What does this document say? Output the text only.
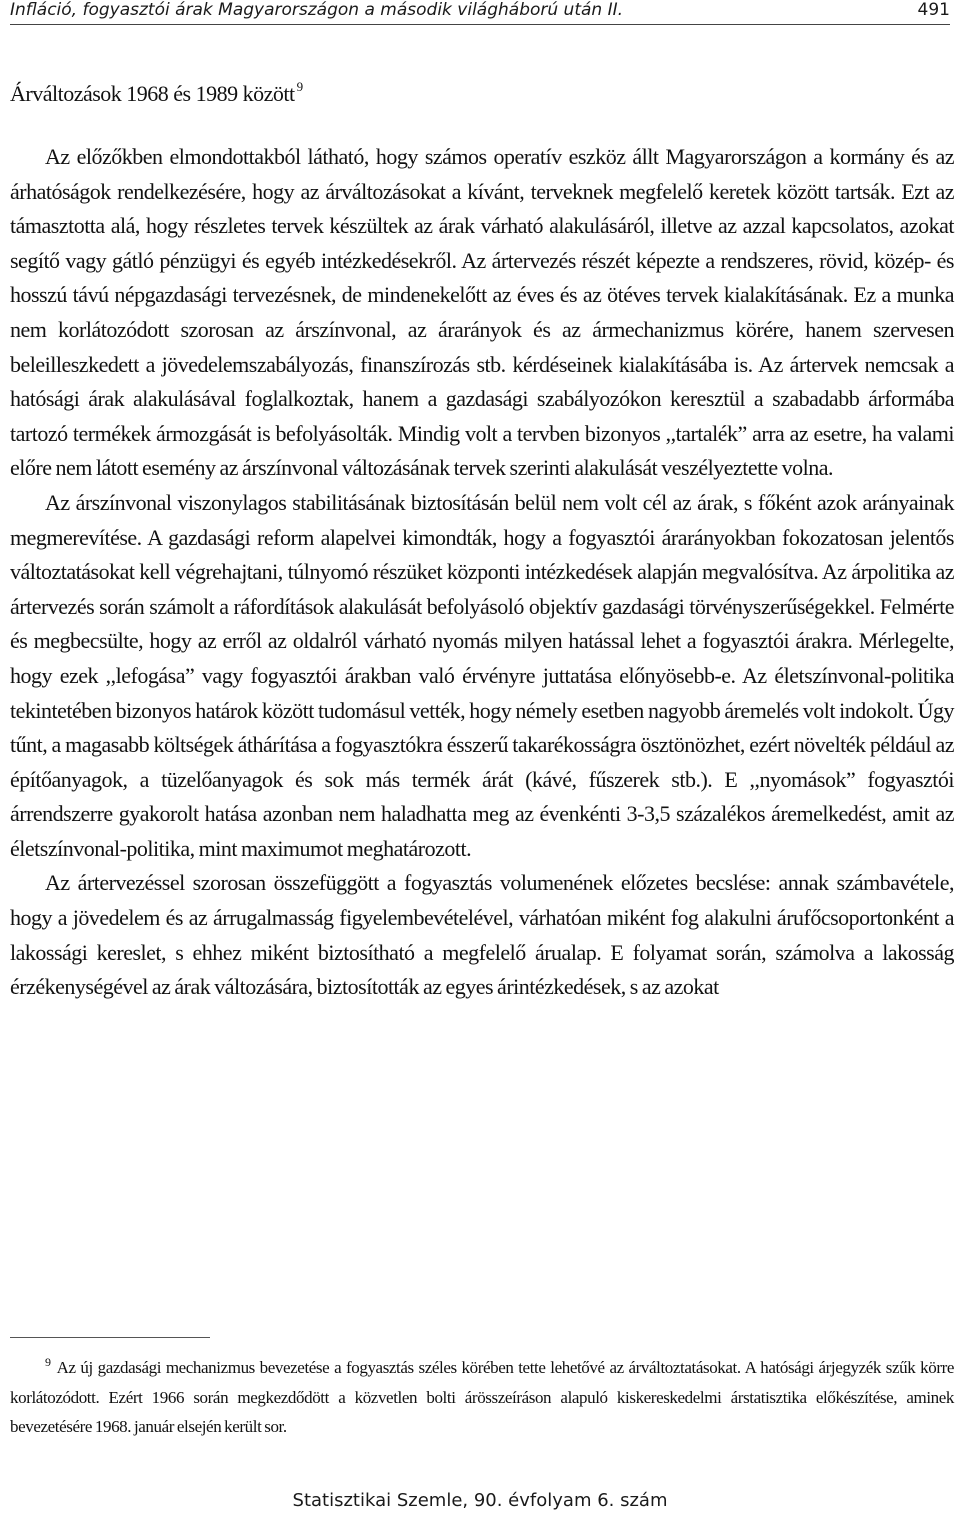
Infláció, fogyasztói árak Magyarországon a második világháború után II.	491
Árváltozások 1968 és 1989 között $^9$

Az előzőkben elmondottakból látható, hogy számos operatív eszköz állt Magyarországon a kormány és az árhatóságok rendelkezésére, hogy az árváltozásokat a kívánt, terveknek megfelelő keretek között tartsák. Ezt az támasztotta alá, hogy részletes tervek készültek az árak várható alakulásáról, illetve az azzal kapcsolatos, azokat segítő vagy gátló pénzügyi és egyéb intézkedésekről. Az ártervezés részét képezte a rendszeres, rövid, közép- és hosszú távú népgazdasági tervezésnek, de mindenekelőtt az éves és az ötéves tervek kialakításának. Ez a munka nem korlátozódott szorosan az árszínvonal, az árarányok és az ármechanizmus körére, hanem szervesen beleilleszkedett a jövedelemszabályozás, finanszírozás stb. kérdéseinek kialakításába is. Az ártervek nemcsak a hatósági árak alakulásával foglalkoztak, hanem a gazdasági szabályozókon keresztül a szabadabb árformába tartozó termékek ármozgását is befolyásolták. Mindig volt a tervben bizonyos ,,tartalék” arra az esetre, ha valami előre nem látott esemény az árszínvonal változásának tervek szerinti alakulását veszélyeztette volna.

Az árszínvonal viszonylagos stabilitásának biztosításán belül nem volt cél az árak, s főként azok arányainak megmerevítése. A gazdasági reform alapelvei kimondták, hogy a fogyasztói árarányokban fokozatosan jelentős változtatásokat kell végrehajtani, túlnyomó részüket központi intézkedések alapján megvalósítva. Az árpolitika az ártervezés során számolt a ráfordítások alakulását befolyásoló objektív gazdasági törvényszerűségekkel. Felmérte és megbecsülte, hogy az erről az oldalról várható nyomás milyen hatással lehet a fogyasztói árakra. Mérlegelte, hogy ezek ,,lefogása” vagy fogyasztói árakban való érvényre juttatása előnyösebb-e. Az életszínvonal-politika tekintetében bizonyos határok között tudomásul vették, hogy némely esetben nagyobb áremelés volt indokolt. Úgy tűnt, a magasabb költségek áthárítása a fogyasztókra ésszerű takarékosságra ösztönözhet, ezért növelték például az építőanyagok, a tüzelőanyagok és sok más termék árát (kávé, fűszerek stb.). E ,,nyomások” fogyasztói árrendszerre gyakorolt hatása azonban nem haladhatta meg az évenkénti 3-3,5 százalékos áremelkedést, amit az életszínvonal-politika, mint maximumot meghatározott.

Az ártervezéssel szorosan összefüggött a fogyasztás volumenének előzetes becslése: annak számbavétele, hogy a jövedelem és az árrugalmasság figyelembevételével, várhatóan miként fog alakulni árufőcsoportonként a lakossági kereslet, s ehhez miként biztosítható a megfelelő árualap. E folyamat során, számolva a lakosság érzékenységével az árak változására, biztosították az egyes árintézkedések, s az azokat

$^9$ Az új gazdasági mechanizmus bevezetése a fogyasztás széles körében tette lehetővé az árváltoztatásokat. A hatósági árjegyzék szűk körre korlátozódott. Ezért 1966 során megkezdődött a közvetlen bolti árösszeíráson alapuló kiskereskedelmi árstatisztika előkészítése, aminek bevezetésére 1968. január elsején került sor.
Statisztikai Szemle, 90. évfolyam 6. szám
